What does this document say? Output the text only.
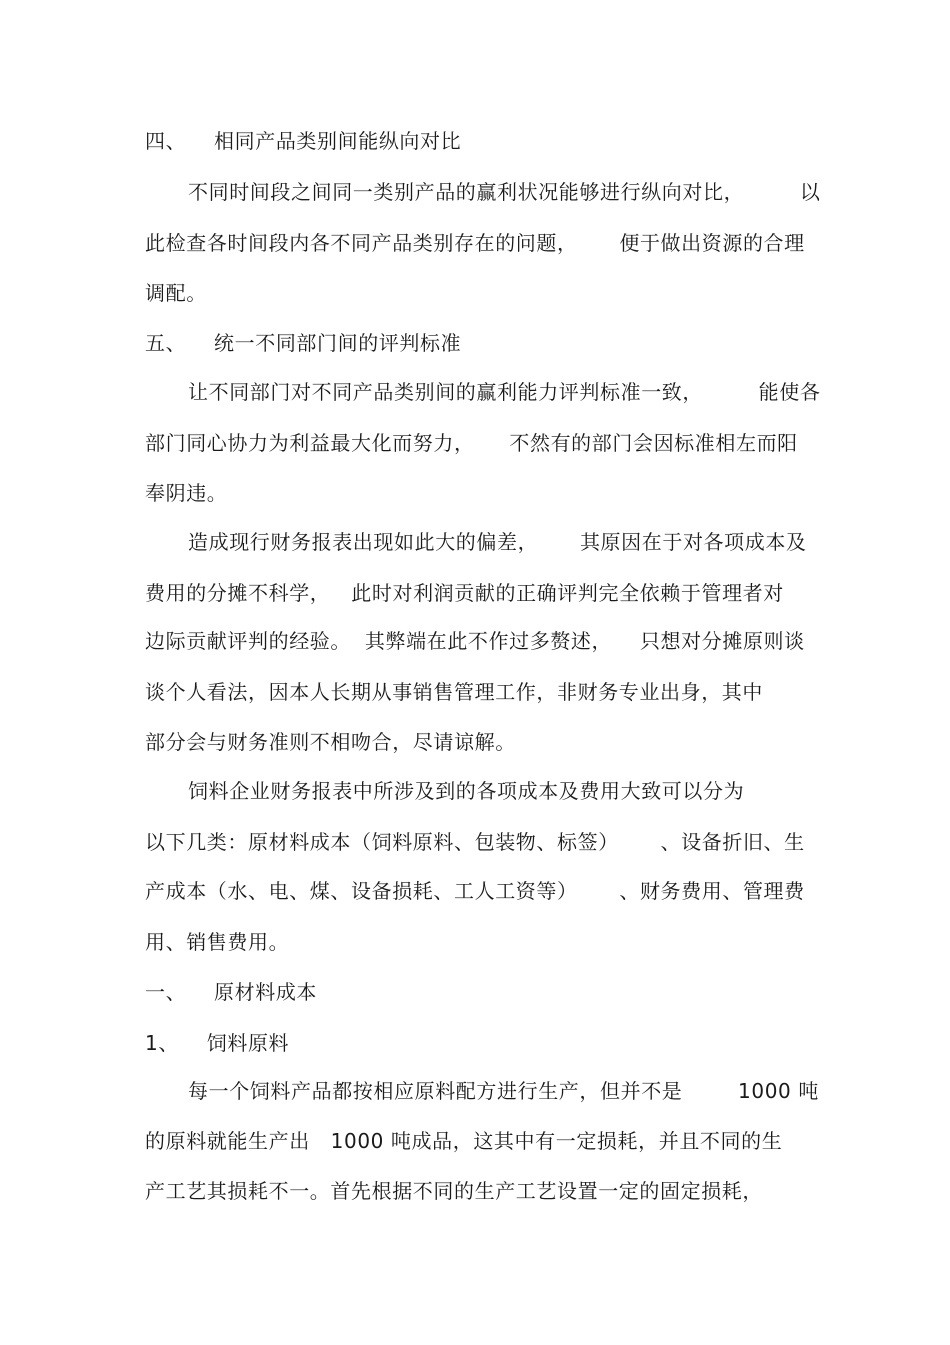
四、    相同产品类别间能纵向对比
不同时间段之间同一类别产品的赢利状况能够进行纵向对比，        以
此检查各时间段内各不同产品类别存在的问题，      便于做出资源的合理
调配。
五、    统一不同部门间的评判标准
让不同部门对不同产品类别间的赢利能力评判标准一致，        能使各
部门同心协力为利益最大化而努力，     不然有的部门会因标准相左而阳
奉阴违。
造成现行财务报表出现如此大的偏差，      其原因在于对各项成本及
费用的分摊不科学，   此时对利润贡献的正确评判完全依赖于管理者对
边际贡献评判的经验。  其弊端在此不作过多赘述，    只想对分摊原则谈
谈个人看法，因本人长期从事销售管理工作，非财务专业出身，其中
部分会与财务准则不相吻合，尽请谅解。
饲料企业财务报表中所涉及到的各项成本及费用大致可以分为
以下几类：原材料成本（饲料原料、包装物、标签）      、设备折旧、生
产成本（水、电、煤、设备损耗、工人工资等）      、财务费用、管理费
用、销售费用。
一、    原材料成本
1、    饲料原料
每一个饲料产品都按相应原料配方进行生产，但并不是        1000 吨
的原料就能生产出   1000 吨成品，这其中有一定损耗，并且不同的生
产工艺其损耗不一。首先根据不同的生产工艺设置一定的固定损耗，
